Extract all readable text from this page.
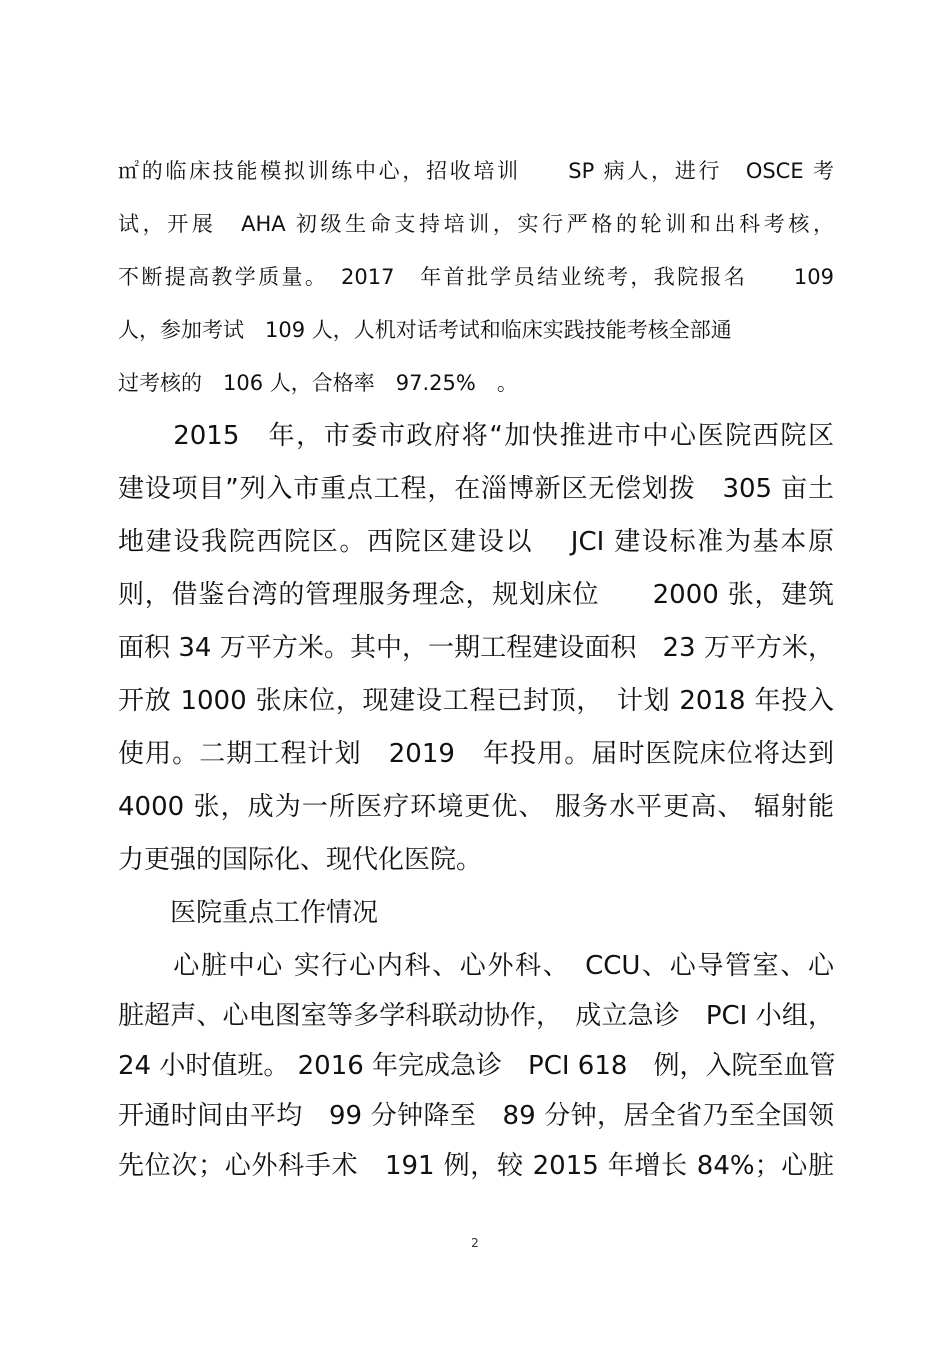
㎡的临床技能模拟训练中心，招收培训　　SP 病人，进行　OSCE 考
试，开展　AHA 初级生命支持培训，实行严格的轮训和出科考核，
不断提高教学质量。　2017　年首批学员结业统考，我院报名　　109
人，参加考试　109 人，人机对话考试和临床实践技能考核全部通
过考核的　106 人，合格率　97.25%　。
　　2015　年，市委市政府将“加快推进市中心医院西院区
建设项目”列入市重点工程，在淄博新区无偿划拨　305 亩土
地建设我院西院区。西院区建设以　 JCI 建设标准为基本原
则，借鉴台湾的管理服务理念，规划床位　　2000 张，建筑
面积 34 万平方米。其中，一期工程建设面积　23 万平方米，
开放 1000 张床位，现建设工程已封顶，　计划 2018 年投入
使用。二期工程计划　2019　年投用。届时医院床位将达到
4000 张，成为一所医疗环境更优、 服务水平更高、 辐射能
力更强的国际化、现代化医院。
　　医院重点工作情况
　　心脏中心 实行心内科、心外科、　CCU、心导管室、心
脏超声、心电图室等多学科联动协作，　成立急诊　PCI 小组，
24 小时值班。 2016 年完成急诊　PCI 618　例，入院至血管
开通时间由平均　99 分钟降至　89 分钟，居全省乃至全国领
先位次；心外科手术　191 例，较 2015 年增长 84%；心脏
2
